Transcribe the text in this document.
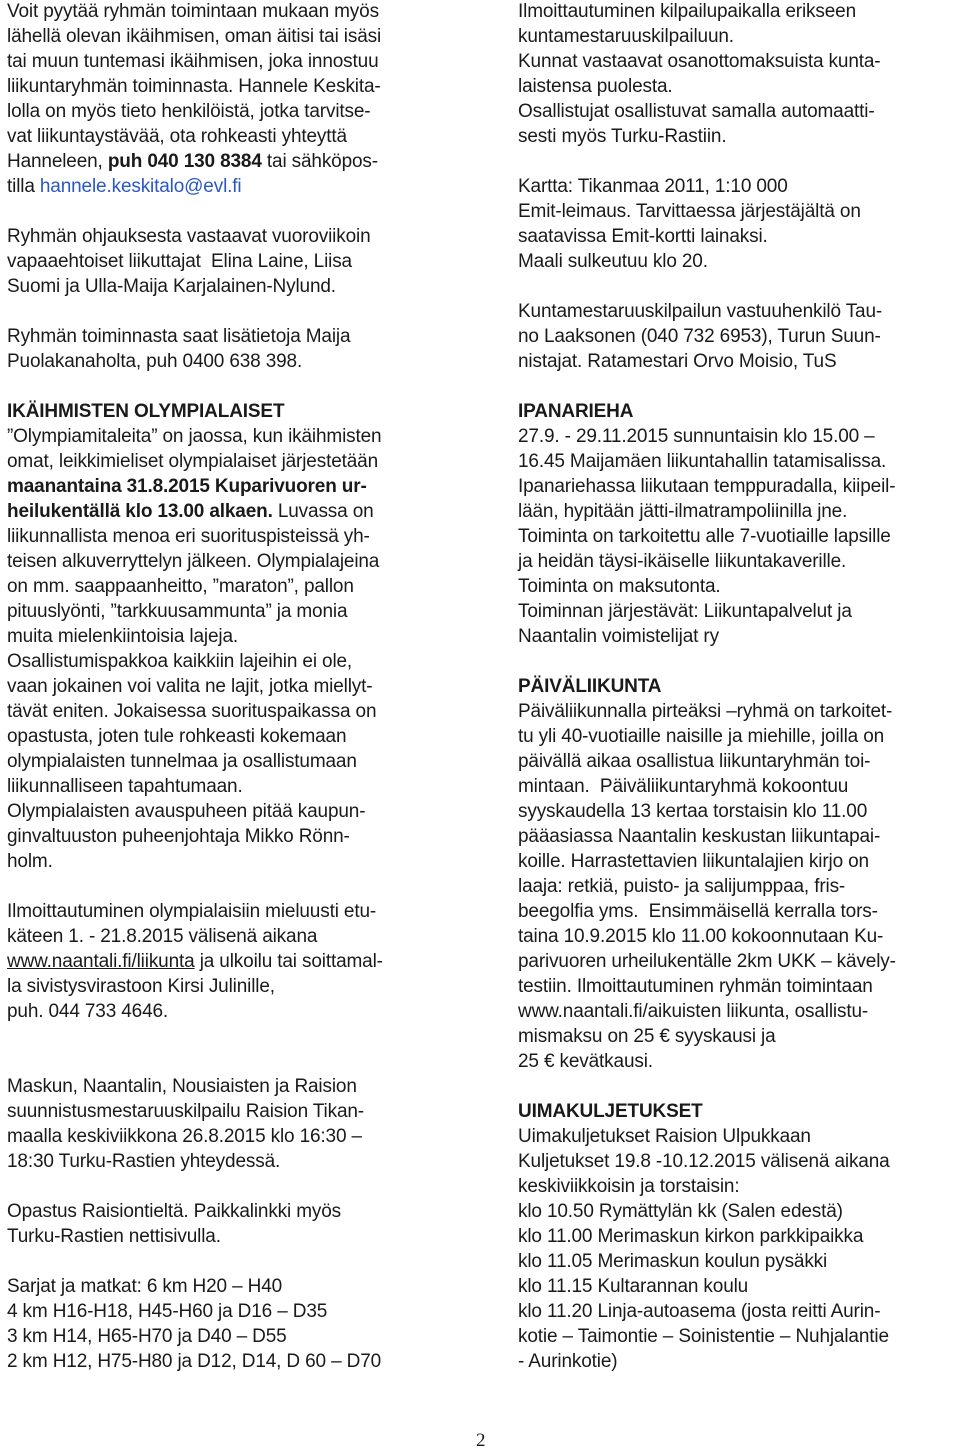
Voit pyytää ryhmän toimintaan mukaan myös
lähellä olevan ikäihmisen, oman äitisi tai isäsi
tai muun tuntemasi ikäihmisen, joka innostuu
liikuntaryhmän toiminnasta. Hannele Keskita-
lolla on myös tieto henkilöistä, jotka tarvitse-
vat liikuntaystävää, ota rohkeasti yhteyttä
Hanneleen, puh 040 130 8384 tai sähköpos-
tilla hannele.keskitalo@evl.fi
Ryhmän ohjauksesta vastaavat vuoroviikoin
vapaaehtoiset liikuttajat  Elina Laine, Liisa
Suomi ja Ulla-Maija Karjalainen-Nylund.
Ryhmän toiminnasta saat lisätietoja Maija
Puolakanaholta, puh 0400 638 398.
IKÄIHMISTEN OLYMPIALAISET
”Olympiamitaleita” on jaossa, kun ikäihmisten
omat, leikkimieliset olympialaiset järjestetään
maanantaina 31.8.2015 Kuparivuoren ur-
heilukentällä klo 13.00 alkaen. Luvassa on
liikunnallista menoa eri suorituspisteissä yh-
teisen alkuverryttelyn jälkeen. Olympialajeina
on mm. saappaanheitto, ”maraton”, pallon
pituuslyönti, ”tarkkuusammunta” ja monia
muita mielenkiintoisia lajeja.
Osallistumispakkoa kaikkiin lajeihin ei ole,
vaan jokainen voi valita ne lajit, jotka miellyt-
tävät eniten. Jokaisessa suorituspaikassa on
opastusta, joten tule rohkeasti kokemaan
olympialaisten tunnelmaa ja osallistumaan
liikunnalliseen tapahtumaan.
Olympialaisten avauspuheen pitää kaupun-
ginvaltuuston puheenjohtaja Mikko Rönn-
holm.
Ilmoittautuminen olympialaisiin mieluusti etu-
käteen 1. - 21.8.2015 välisenä aikana
www.naantali.fi/liikunta ja ulkoilu tai soittamal-
la sivistysvirastoon Kirsi Julinille,
puh. 044 733 4646.
Maskun, Naantalin, Nousiaisten ja Raision
suunnistusmestaruuskilpailu Raision Tikan-
maalla keskiviikkona 26.8.2015 klo 16:30 –
18:30 Turku-Rastien yhteydessä.
Opastus Raisiontieltä. Paikkalinkki myös
Turku-Rastien nettisivulla.
Sarjat ja matkat: 6 km H20 – H40
4 km H16-H18, H45-H60 ja D16 – D35
3 km H14, H65-H70 ja D40 – D55
2 km H12, H75-H80 ja D12, D14, D 60 – D70
Ilmoittautuminen kilpailupaikalla erikseen
kuntamestaruuskilpailuun.
Kunnat vastaavat osanottomaksuista kunta-
laistensa puolesta.
Osallistujat osallistuvat samalla automaatti-
sesti myös Turku-Rastiin.
Kartta: Tikanmaa 2011, 1:10 000
Emit-leimaus. Tarvittaessa järjestäjältä on
saatavissa Emit-kortti lainaksi.
Maali sulkeutuu klo 20.
Kuntamestaruuskilpailun vastuuhenkilö Tau-
no Laaksonen (040 732 6953), Turun Suun-
nistajat. Ratamestari Orvo Moisio, TuS
IPANARIEHA
27.9. - 29.11.2015 sunnuntaisin klo 15.00 –
16.45 Maijamäen liikuntahallin tatamisalissa.
Ipanariehassa liikutaan temppuradalla, kiipeil-
lään, hypitään jätti-ilmatrampoliinilla jne.
Toiminta on tarkoitettu alle 7-vuotiaille lapsille
ja heidän täysi-ikäiselle liikuntakaverille.
Toiminta on maksutonta.
Toiminnan järjestävät: Liikuntapalvelut ja
Naantalin voimistelijat ry
PÄIVÄLIIKUNTA
Päiväliikunnalla pirteäksi –ryhmä on tarkoitet-
tu yli 40-vuotiaille naisille ja miehille, joilla on
päivällä aikaa osallistua liikuntaryhmän toi-
mintaan.  Päiväliikuntaryhmä kokoontuu
syyskaudella 13 kertaa torstaisin klo 11.00
pääasiassa Naantalin keskustan liikuntapai-
koille. Harrastettavien liikuntalajien kirjo on
laaja: retkiä, puisto- ja salijumppaa, fris-
beegolfia yms.  Ensimmäisellä kerralla tors-
taina 10.9.2015 klo 11.00 kokoonnutaan Ku-
parivuoren urheilukentälle 2km UKK – kävely-
testiin. Ilmoittautuminen ryhmän toimintaan
www.naantali.fi/aikuisten liikunta, osallistu-
mismaksu on 25 € syyskausi ja
25 € kevätkausi.
UIMAKULJETUKSET
Uimakuljetukset Raision Ulpukkaan
Kuljetukset 19.8 -10.12.2015 välisenä aikana
keskiviikkoisin ja torstaisin:
klo 10.50 Rymättylän kk (Salen edestä)
klo 11.00 Merimaskun kirkon parkkipaikka
klo 11.05 Merimaskun koulun pysäkki
klo 11.15 Kultarannan koulu
klo 11.20 Linja-autoasema (josta reitti Aurin-
kotie – Taimontie – Soinistentie – Nuhjalantie
- Aurinkotie)
2
